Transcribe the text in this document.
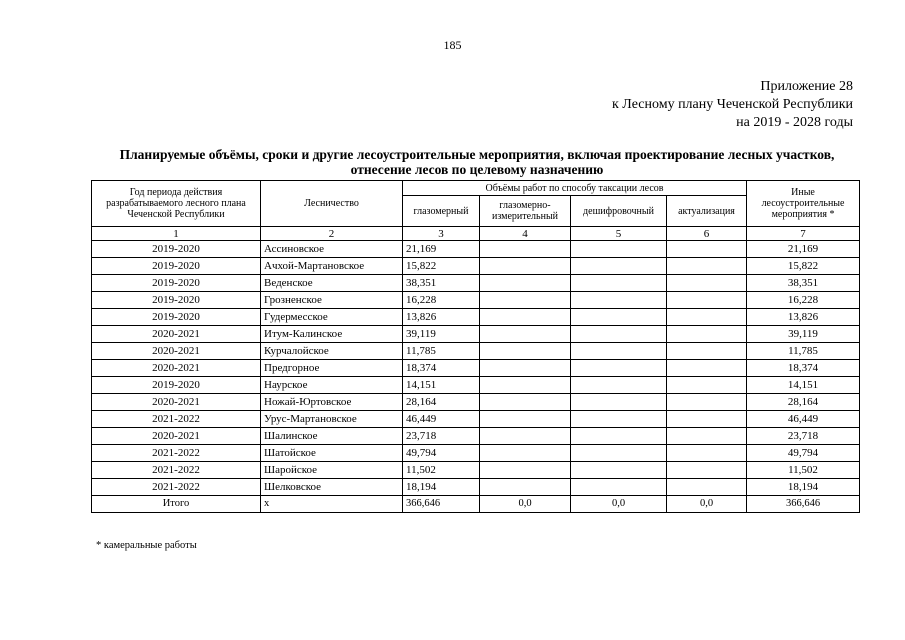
185
Приложение 28
к Лесному плану Чеченской Республики
на 2019 - 2028 годы
Планируемые объёмы, сроки и другие лесоустроительные мероприятия, включая проектирование лесных участков, отнесение лесов по целевому назначению
Год периода действия разрабатываемого лесного плана Чеченской Республики	Лесничество	Объёмы работ по способу таксации лесов				Иные лесоустроительные мероприятия *
		глазомерный	глазомерно-измерительный	дешифровочный	актуализация	
1	2	3	4	5	6	7
2019-2020	Ассиновское	21,169				21,169
2019-2020	Ачхой-Мартановское	15,822				15,822
2019-2020	Веденское	38,351				38,351
2019-2020	Грозненское	16,228				16,228
2019-2020	Гудермесское	13,826				13,826
2020-2021	Итум-Калинское	39,119				39,119
2020-2021	Курчалойское	11,785				11,785
2020-2021	Предгорное	18,374				18,374
2019-2020	Наурское	14,151				14,151
2020-2021	Ножай-Юртовское	28,164				28,164
2021-2022	Урус-Мартановское	46,449				46,449
2020-2021	Шалинское	23,718				23,718
2021-2022	Шатойское	49,794				49,794
2021-2022	Шаройское	11,502				11,502
2021-2022	Шелковское	18,194				18,194
Итого	х	366,646	0,0	0,0	0,0	366,646
* камеральные работы
